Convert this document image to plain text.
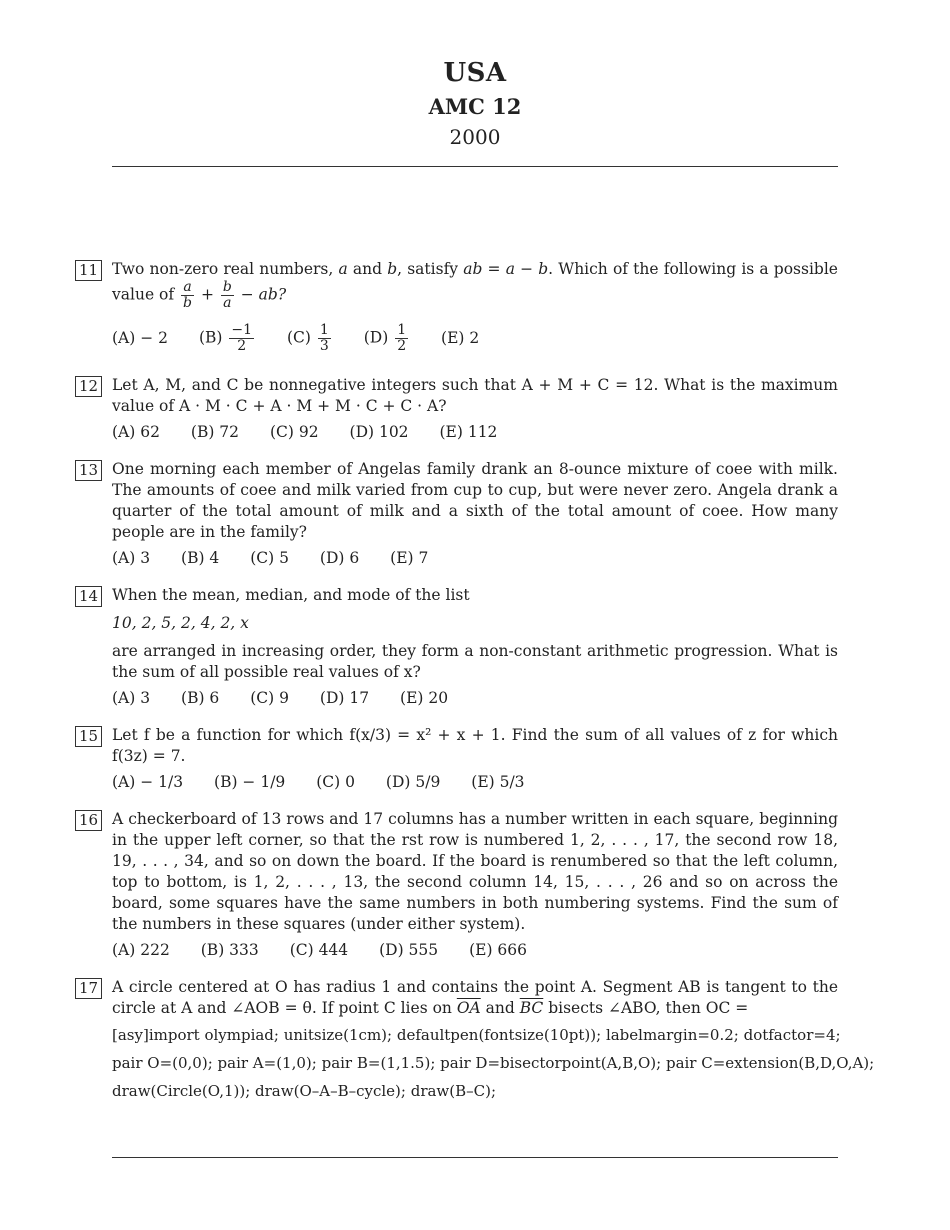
USA
AMC 12
2000
11 Two non-zero real numbers, a and b, satisfy ab = a − b. Which of the following is a possible value of $\frac{a}{b} + \frac{b}{a}$ − ab?
(A) − 2 $(B) \frac{-1}{2} (C) \frac{1}{3} (D) \frac{1}{2} (E)$ 2
12 Let A, M, and C be nonnegative integers such that A + M + C = 12. What is the maximum value of A · M · C + A · M + M · C + C · A?
(A) 62 (B) 72 (C) 92 (D) 102 (E) 112
13 One morning each member of Angelas family drank an 8-ounce mixture of coee with milk. The amounts of coee and milk varied from cup to cup, but were never zero. Angela drank a quarter of the total amount of milk and a sixth of the total amount of coee. How many people are in the family?
(A) 3 (B) 4 (C) 5 (D) 6 (E) 7
14 When the mean, median, and mode of the list
10, 2, 5, 2, 4, 2, x
are arranged in increasing order, they form a non-constant arithmetic progression. What is the sum of all possible real values of x?
(A) 3 (B) 6 (C) 9 (D) 17 (E) 20
15 Let f be a function for which f(x/3) = x² + x + 1. Find the sum of all values of z for which f(3z) = 7.
(A) − 1/3 (B) − 1/9 (C) 0 (D) 5/9 (E) 5/3
16 A checkerboard of 13 rows and 17 columns has a number written in each square, beginning in the upper left corner, so that the rst row is numbered 1, 2, . . . , 17, the second row 18, 19, . . . , 34, and so on down the board. If the board is renumbered so that the left column, top to bottom, is 1, 2, . . . , 13, the second column 14, 15, . . . , 26 and so on across the board, some squares have the same numbers in both numbering systems. Find the sum of the numbers in these squares (under either system).
(A) 222 (B) 333 (C) 444 (D) 555 (E) 666
17 A circle centered at O has radius 1 and contains the point A. Segment AB is tangent to the circle at A and ∠AOB = θ. If point C lies on $\overline{OA}$ and $\overline{BC}$ bisects ∠ABO, then OC =
[asy]import olympiad; unitsize(1cm); defaultpen(fontsize(10pt)); labelmargin=0.2; dotfactor=4;
pair O=(0,0); pair A=(1,0); pair B=(1,1.5); pair D=bisectorpoint(A,B,O); pair C=extension(B,D,O,A);
draw(Circle(O,1)); draw(O–A–B–cycle); draw(B–C);
